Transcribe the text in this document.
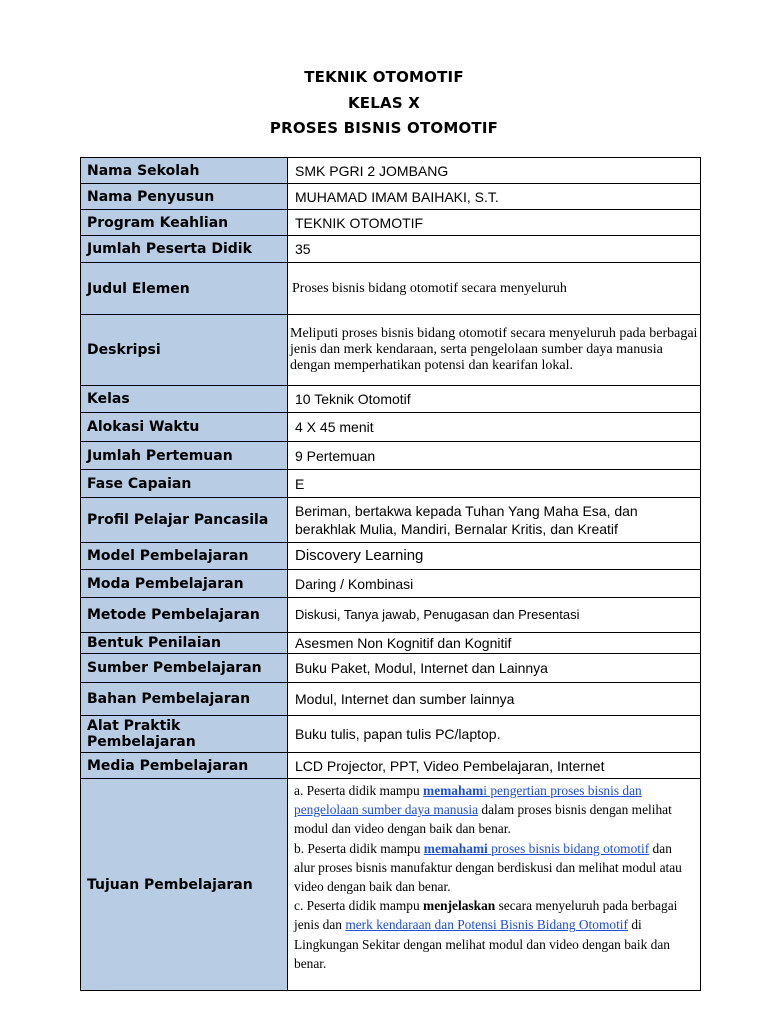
TEKNIK OTOMOTIF
KELAS X
PROSES BISNIS OTOMOTIF
Nama Sekolah	SMK PGRI 2 JOMBANG
Nama Penyusun	MUHAMAD IMAM BAIHAKI, S.T.
Program Keahlian	TEKNIK OTOMOTIF
Jumlah Peserta Didik	35
Judul Elemen	Proses bisnis bidang otomotif secara menyeluruh
Deskripsi	Meliputi proses bisnis bidang otomotif secara menyeluruh pada berbagai jenis dan merk kendaraan, serta pengelolaan sumber daya manusia dengan memperhatikan potensi dan kearifan lokal.
Kelas	10 Teknik Otomotif
Alokasi Waktu	4 X 45 menit
Jumlah Pertemuan	9 Pertemuan
Fase Capaian	E
Profil Pelajar Pancasila	Beriman, bertakwa kepada Tuhan Yang Maha Esa, dan berakhlak Mulia, Mandiri, Bernalar Kritis, dan Kreatif
Model Pembelajaran	Discovery Learning
Moda Pembelajaran	Daring / Kombinasi
Metode Pembelajaran	Diskusi, Tanya jawab, Penugasan dan Presentasi
Bentuk Penilaian	Asesmen Non Kognitif dan Kognitif
Sumber Pembelajaran	Buku Paket, Modul, Internet dan Lainnya
Bahan Pembelajaran	Modul, Internet dan sumber lainnya
Alat Praktik Pembelajaran	Buku tulis, papan tulis PC/laptop.
Media Pembelajaran	LCD Projector, PPT, Video Pembelajaran, Internet
Tujuan Pembelajaran	a. Peserta didik mampu memahami pengertian proses bisnis dan pengelolaan sumber daya manusia dalam proses bisnis dengan melihat modul dan video dengan baik dan benar.
b. Peserta didik mampu memahami proses bisnis bidang otomotif dan alur proses bisnis manufaktur dengan berdiskusi dan melihat modul atau video dengan baik dan benar.
c. Peserta didik mampu menjelaskan secara menyeluruh pada berbagai jenis dan merk kendaraan dan Potensi Bisnis Bidang Otomotif di Lingkungan Sekitar dengan melihat modul dan video dengan baik dan benar.
